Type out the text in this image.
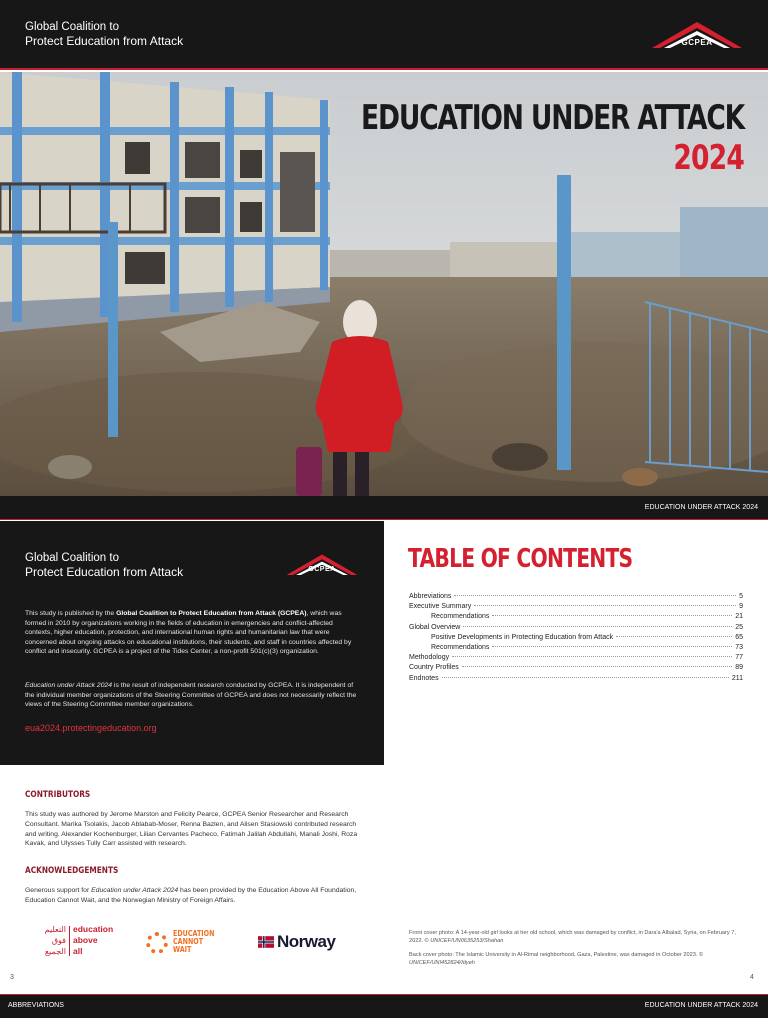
Global Coalition to
Protect Education from Attack	GCPEA
EDUCATION UNDER ATTACK
2024
EDUCATION UNDER ATTACK 2024
Global Coalition to
Protect Education from Attack	GCPEA
This study is published by the Global Coalition to Protect Education from Attack (GCPEA), which was formed in 2010 by organizations working in the fields of education in emergencies and conflict-affected contexts, higher education, protection, and international human rights and humanitarian law that were concerned about ongoing attacks on educational institutions, their students, and staff in countries affected by conflict and insecurity. GCPEA is a project of the Tides Center, a non-profit 501(c)(3) organization.
Education under Attack 2024 is the result of independent research conducted by GCPEA. It is independent of the individual member organizations of the Steering Committee of GCPEA and does not necessarily reflect the views of the Steering Committee member organizations.
eua2024.protectingeducation.org
TABLE OF CONTENTS
Abbreviations	5
Executive Summary	9
Recommendations	21
Global Overview	25
Positive Developments in Protecting Education from Attack	65
Recommendations	73
Methodology	77
Country Profiles	89
Endnotes	211
CONTRIBUTORS
This study was authored by Jerome Marston and Felicity Pearce, GCPEA Senior Researcher and Research Consultant. Marika Tsolakis, Jacob Ablabab-Moser, Renna Bazlen, and Alisen Stasiowski contributed research and writing. Alexander Kochenburger, Lilian Cervantes Pacheco, Fatimah Jalilah Abdullahi, Manali Joshi, Roza Kavak, and Ulysses Tully Carr assisted with research.
ACKNOWLEDGEMENTS
Generous support for Education under Attack 2024 has been provided by the Education Above All Foundation, Education Cannot Wait, and the Norwegian Ministry of Foreign Affairs.
التعليم
فوق
الجميع
education
above
all
EDUCATION
CANNOT
WAIT	Norway	Front cover photo: A 14-year-old girl looks at her old school, which was damaged by conflict, in Dara'a Albalad, Syria, on February 7, 2022. © UNICEF/UN0635253/Shahan
Back cover photo: The Islamic University in Al-Rimal neighborhood, Gaza, Palestine, was damaged in October 2023. © UNICEF/UNI452824/Idyeh
3	4
ABBREVIATIONS	EDUCATION UNDER ATTACK 2024
